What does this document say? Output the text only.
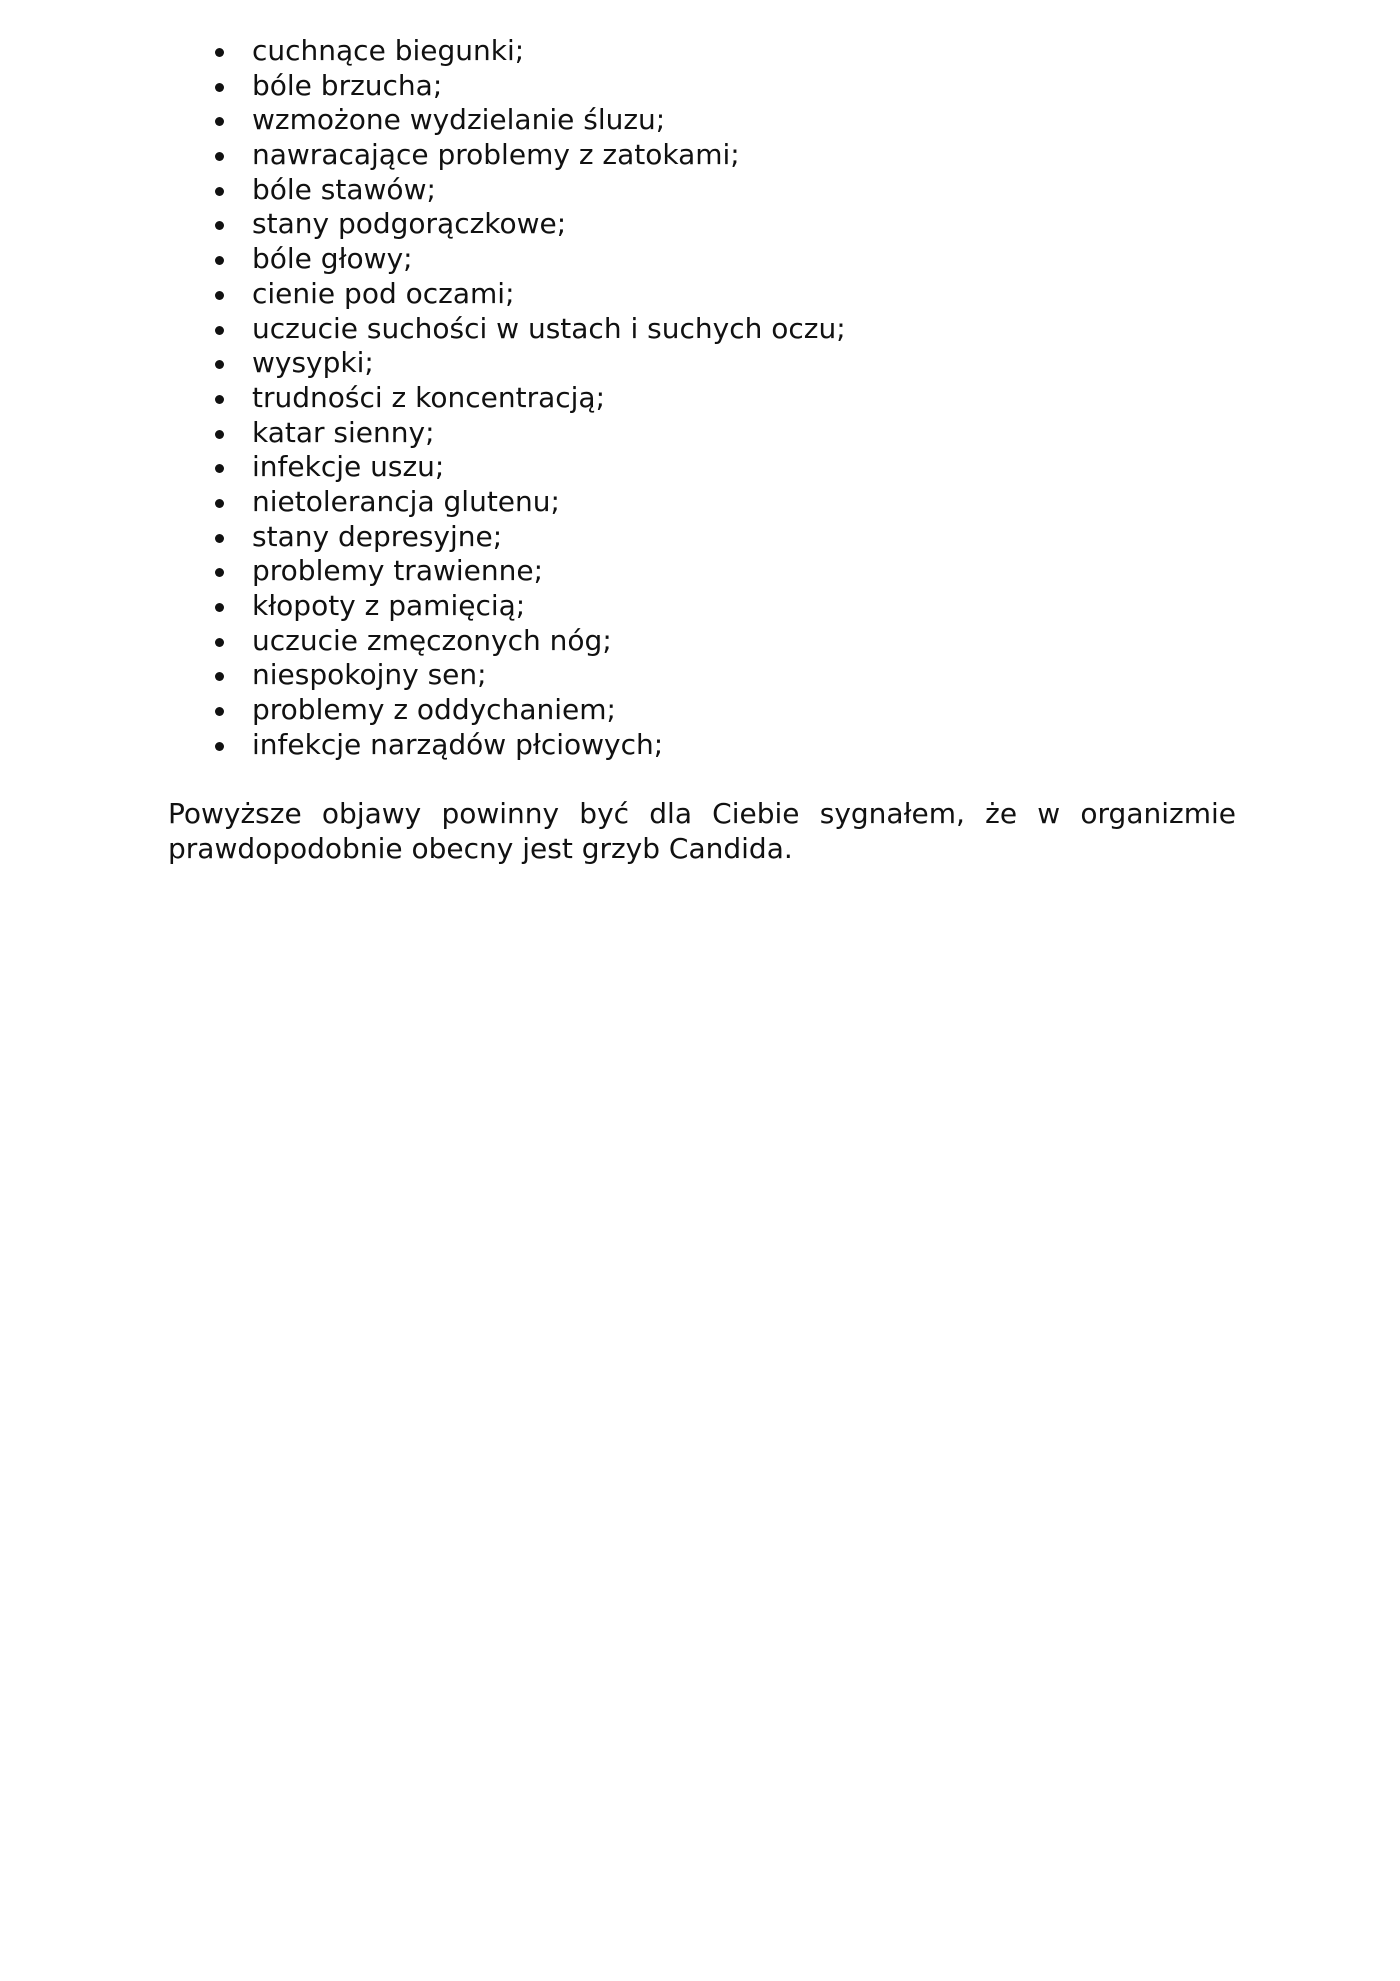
cuchnące biegunki;
bóle brzucha;
wzmożone wydzielanie śluzu;
nawracające problemy z zatokami;
bóle stawów;
stany podgorączkowe;
bóle głowy;
cienie pod oczami;
uczucie suchości w ustach i suchych oczu;
wysypki;
trudności z koncentracją;
katar sienny;
infekcje uszu;
nietolerancja glutenu;
stany depresyjne;
problemy trawienne;
kłopoty z pamięcią;
uczucie zmęczonych nóg;
niespokojny sen;
problemy z oddychaniem;
infekcje narządów płciowych;

Powyższe objawy powinny być dla Ciebie sygnałem, że w organizmie
prawdopodobnie obecny jest grzyb Candida.
